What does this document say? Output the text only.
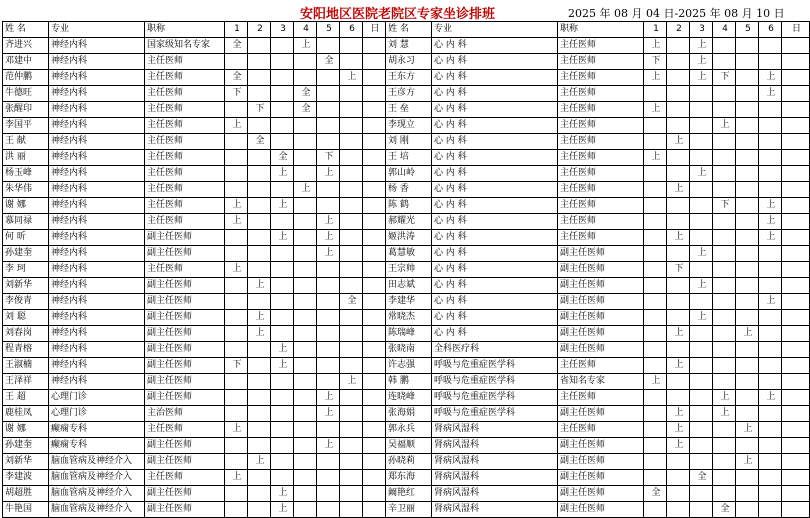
安阳地区医院老院区专家坐诊排班	2025 年 08 月 04 日-2025 年 08 月 10 日
姓 名	专业	职称	1	2	3	4	5	6	日	姓 名	专业	职称	1	2	3	4	5	6	日
齐进兴	神经内科	国家级知名专家	全			上				刘 慧	心 内 科	主任医师	上		上				
邓建中	神经内科	主任医师					全			胡永习	心 内 科	主任医师	下		上				
范仲鹏	神经内科	主任医师	全					上		王东方	心 内 科	主任医师	上		上	下		上	
牛德旺	神经内科	主任医师	下			全				王彦方	心 内 科	主任医师						上	
张醒印	神经内科	主任医师		下		全				王 垒	心 内 科	主任医师	上						
李国平	神经内科	主任医师	上							李现立	心 内 科	主任医师				上			
王 献	神经内科	主任医师		全						刘 刚	心 内 科	主任医师		上					
洪 丽	神经内科	主任医师			全		下			王 培	心 内 科	主任医师	上						
杨玉峰	神经内科	主任医师			上		上			郭山岭	心 内 科	主任医师			上				
朱华伟	神经内科	主任医师				上				杨 香	心 内 科	主任医师		上					
谢 娜	神经内科	主任医师	上		上					陈 鹤	心 内 科	主任医师				下		上	
慕同禄	神经内科	主任医师	上				上			郝耀光	心 内 科	主任医师						上	
何 昕	神经内科	副主任医师			上		上			姬洪涛	心 内 科	主任医师		上				上	
孙建奎	神经内科	副主任医师					上			葛慧敏	心 内 科	副主任医师			上				
李 珂	神经内科	主任医师	上							王宗帅	心 内 科	副主任医师		下					
刘新华	神经内科	副主任医师		上						田志斌	心 内 科	副主任医师			上				
李俊青	神经内科	副主任医师						全		李建华	心 内 科	副主任医师						上	
刘 聪	神经内科	副主任医师		上						常晓杰	心 内 科	副主任医师			上				
刘春岗	神经内科	副主任医师		上						陈瑞峰	心 内 科	副主任医师		上			上		
程青榕	神经内科	副主任医师			上					张晓南	全科医疗科	副主任医师							
王淑楠	神经内科	副主任医师	下		上					许志强	呼吸与危重症医学科	主任医师		上					
王泽祥	神经内科	副主任医师						上		韩 鹏	呼吸与危重症医学科	省知名专家	上						
王 超	心理门诊	副主任医师					上			连晓峰	呼吸与危重症医学科	主任医师				上		上	
鹿桂凤	心理门诊	主治医师					上			张海娟	呼吸与危重症医学科	副主任医师		上		上			
谢 娜	癫痫专科	主任医师	上							郭永兵	肾病风湿科	主任医师		上			上		
孙建奎	癫痫专科	副主任医师					上			吴福顺	肾病风湿科	副主任医师		上					
刘新华	脑血管病及神经介入	副主任医师		上						孙晓莉	肾病风湿科	副主任医师					上		
李建波	脑血管病及神经介入	主任医师	上							郑东海	肾病风湿科	副主任医师			全				
胡超胜	脑血管病及神经介入	副主任医师			上					阚艳红	肾病风湿科	副主任医师	全						
牛艳国	脑血管病及神经介入	副主任医师			上					辛卫丽	肾病风湿科	副主任医师				全			
